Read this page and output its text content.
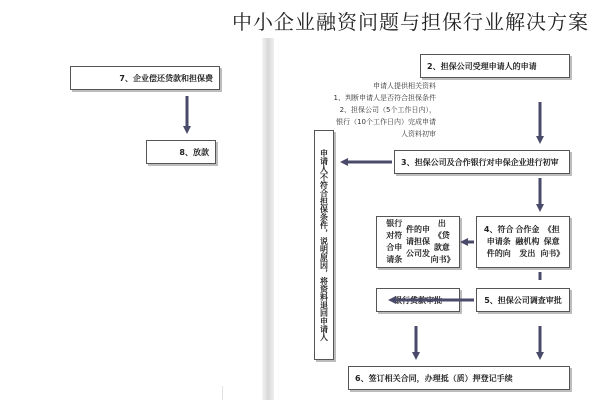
中小企业融资问题与担保行业解决方案
7、企业偿还贷款和担保费
8、放款
2、担保公司受理申请人的申请
申请人提供相关资料
1、判断申请人是否符合担保条件
2、担保公司（5个工作日内），
银行（10个工作日内）完成申请
人资料初审
申请人不符合担保条件，说明原因，将资料退回申请人	3、担保公司及合作银行对申保企业进行初审
银行对符合申请条
件的申请担保公司发
出《贷款意向书》
4、符合申请条件的向
合作金融机构发出
《担保意向书》
银行贷款审批	5、担保公司调查审批
6、签订相关合同，办理抵（质）押登记手续
